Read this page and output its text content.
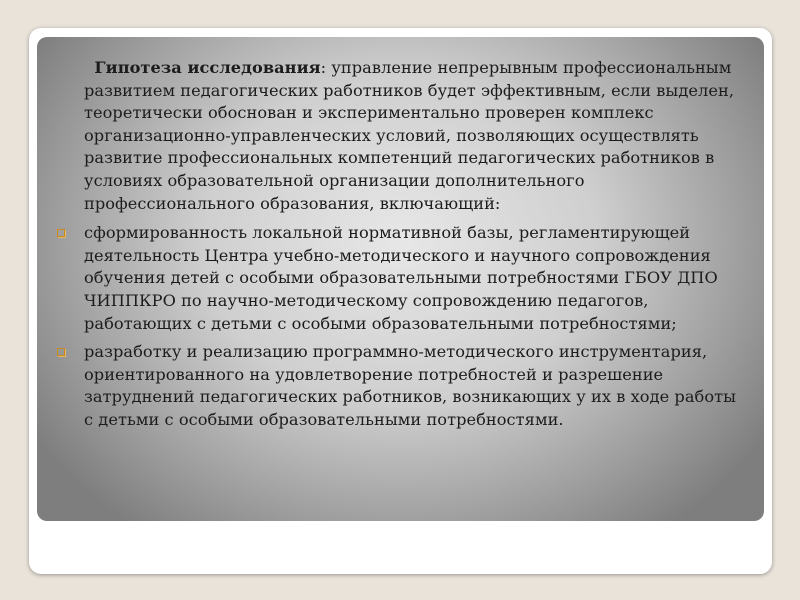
Гипотеза исследования: управление непрерывным профессиональным развитием педагогических работников будет эффективным, если выделен, теоретически обоснован и экспериментально проверен комплекс организационно-управленческих условий, позволяющих осуществлять развитие профессиональных компетенций педагогических работников в условиях образовательной организации дополнительного профессионального образования, включающий:

сформированность локальной нормативной базы, регламентирующей деятельность Центра учебно-методического и научного сопровождения обучения детей с особыми образовательными потребностями ГБОУ ДПО ЧИППКРО по научно-методическому сопровождению педагогов, работающих с детьми с особыми образовательными потребностями;
разработку и реализацию программно-методического инструментария, ориентированного на удовлетворение потребностей и разрешение затруднений педагогических работников, возникающих у их в ходе работы с детьми с особыми образовательными потребностями.
